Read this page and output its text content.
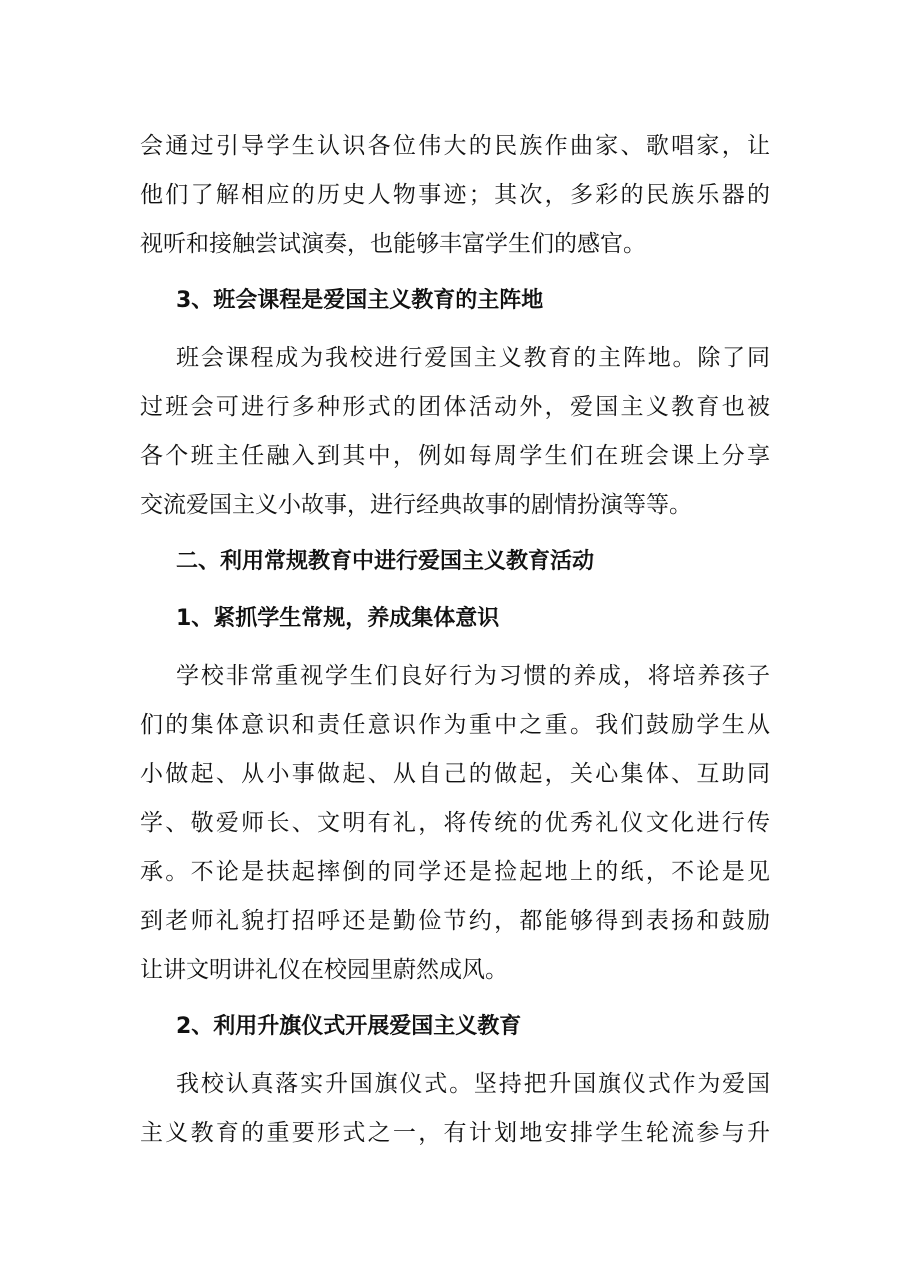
会通过引导学生认识各位伟大的民族作曲家、歌唱家，让
他们了解相应的历史人物事迹；其次，多彩的民族乐器的
视听和接触尝试演奏，也能够丰富学生们的感官。
3、班会课程是爱国主义教育的主阵地
班会课程成为我校进行爱国主义教育的主阵地。除了同
过班会可进行多种形式的团体活动外，爱国主义教育也被
各个班主任融入到其中，例如每周学生们在班会课上分享
交流爱国主义小故事，进行经典故事的剧情扮演等等。
二、利用常规教育中进行爱国主义教育活动
1、紧抓学生常规，养成集体意识
学校非常重视学生们良好行为习惯的养成，将培养孩子
们的集体意识和责任意识作为重中之重。我们鼓励学生从
小做起、从小事做起、从自己的做起，关心集体、互助同
学、敬爱师长、文明有礼，将传统的优秀礼仪文化进行传
承。不论是扶起摔倒的同学还是捡起地上的纸，不论是见
到老师礼貌打招呼还是勤俭节约，都能够得到表扬和鼓励
让讲文明讲礼仪在校园里蔚然成风。
2、利用升旗仪式开展爱国主义教育
我校认真落实升国旗仪式。坚持把升国旗仪式作为爱国
主义教育的重要形式之一，有计划地安排学生轮流参与升
